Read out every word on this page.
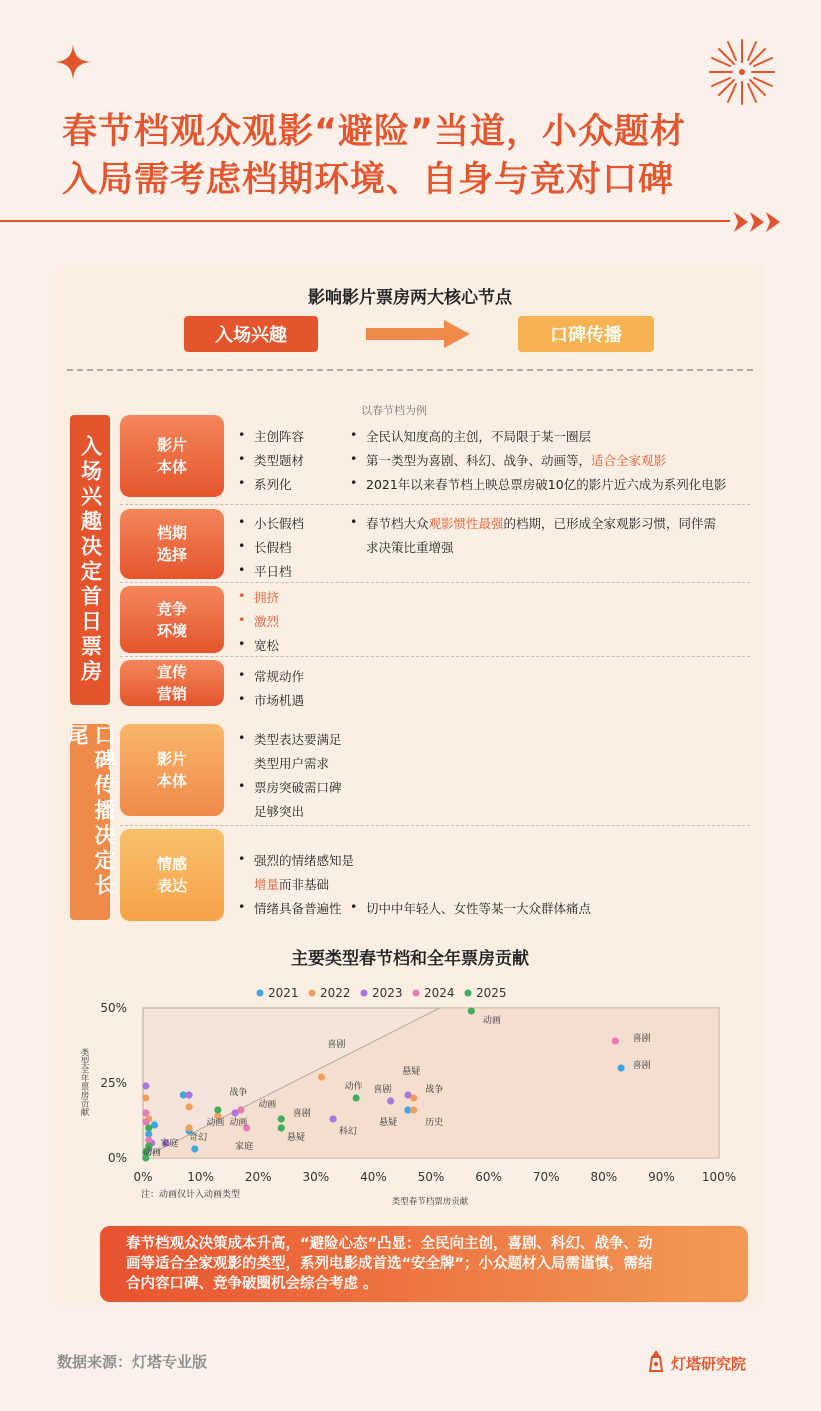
春节档观众观影“避险”当道，小众题材
入局需考虑档期环境、自身与竞对口碑
影响影片票房两大核心节点
入场兴趣	口碑传播
以春节档为例
入场兴趣决定首日票房
口碑传播决定长尾
影片
本体
档期
选择
竞争
环境
宣传
营销
影片
本体
情感
表达
• 主创阵容
• 类型题材
• 系列化
• 全民认知度高的主创，不局限于某一圈层
• 第一类型为喜剧、科幻、战争、动画等，适合全家观影
• 2021年以来春节档上映总票房破10亿的影片近六成为系列化电影
• 小长假档
• 长假档
• 平日档
• 春节档大众观影惯性最强的档期，已形成全家观影习惯，同伴需
求决策比重增强
• 拥挤
• 激烈
• 宽松
• 常规动作
• 市场机遇
• 类型表达要满足
类型用户需求
• 票房突破需口碑
足够突出
• 强烈的情绪感知是
增量而非基础
• 情绪具备普遍性
• 切中中年轻人、女性等某一大众群体痛点
主要类型春节档和全年票房贡献
2021 2022 2023 2024 2025
0%
25%
50%
0%	10%	20%	30%	40%	50%	60%	70%	80%	90% 100%
类型春节档票房贡献
类型全年票房贡献
注：动画仅计入动画类型
动画
喜剧
喜剧
喜剧
悬疑
动作 喜剧	战争
战争
动画
喜剧
悬疑	历史
动画 动画
科幻
悬疑
奇幻
家庭	家庭
动画
春节档观众决策成本升高，“避险心态”凸显：全民向主创，喜剧、科幻、战争、动
画等适合全家观影的类型，系列电影成首选“安全牌”；小众题材入局需谨慎，需结
合内容口碑、竞争破圈机会综合考虑 。
数据来源：灯塔专业版	灯塔研究院
